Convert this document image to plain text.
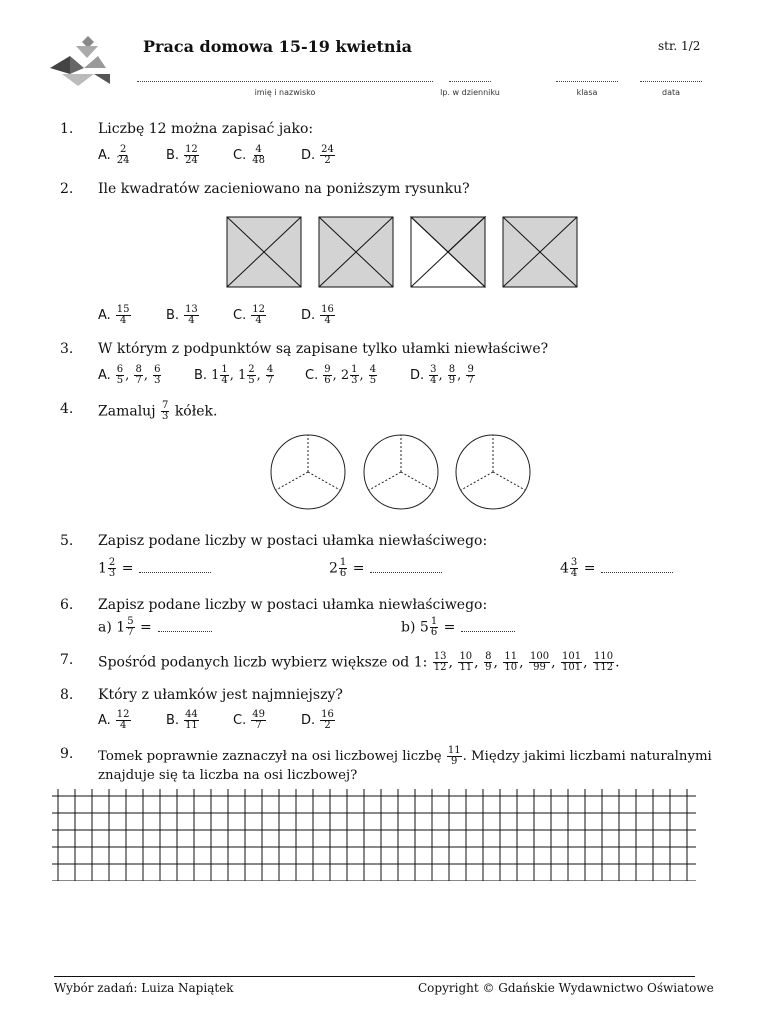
Praca domowa 15-19 kwietnia	str. 1/2
imię i nazwisko	lp. w dzienniku	klasa	data
1. Liczbę 12 można zapisać jako:
A. $\frac{2}{24}$	B. $\frac{12}{24}$	C. $\frac{4}{48}$	D. $\frac{24}{2}$
2. Ile kwadratów zacieniowano na poniższym rysunku?
A. $\frac{15}{4}$	B. $\frac{13}{4}$	C. $\frac{12}{4}$	D. $\frac{16}{4}$
3. W którym z podpunktów są zapisane tylko ułamki niewłaściwe?
A. $\frac{6}{5}$ , $\frac{8}{7}$ , $\frac{6}{3}$	B. $1 \frac{1}{4}$ , $1 \frac{2}{5}$ , $\frac{4}{7} C$. $\frac{9}{6}$ , $2 \frac{1}{3}$ , $\frac{4}{5}$	D. $\frac{3}{4}$ , $\frac{8}{9}$ , $\frac{9}{7}$
4. Zamaluj $\frac{7}{3}$ kółek.
5. Zapisz podane liczby w postaci ułamka niewłaściwego:
$1 \frac{2}{3}$ =	$2 \frac{1}{6}$ =	$4 \frac{3}{4}$ =
6. Zapisz podane liczby w postaci ułamka niewłaściwego:
a) $1 \frac{5}{7}$ =	b) $5 \frac{1}{6}$ =
7. Spośród podanych liczb wybierz większe od 1: $\frac{13}{12}$ , $\frac{10}{11}$ , $\frac{8}{9}$ , $\frac{11}{10}$ , $\frac{100}{99}$ , $\frac{101}{101}$ , $\frac{110}{112}$ .
8. Który z ułamków jest najmniejszy?
A. $\frac{12}{4}$	B. $\frac{44}{11}$	C. $\frac{49}{7}$	D. $\frac{16}{2}$
9. Tomek poprawnie zaznaczył na osi liczbowej liczbę $\frac{11}{9}$ . Między jakimi liczbami naturalnymi
znajduje się ta liczba na osi liczbowej?
Wybór zadań: Luiza Napiątek	Copyright © Gdańskie Wydawnictwo Oświatowe
